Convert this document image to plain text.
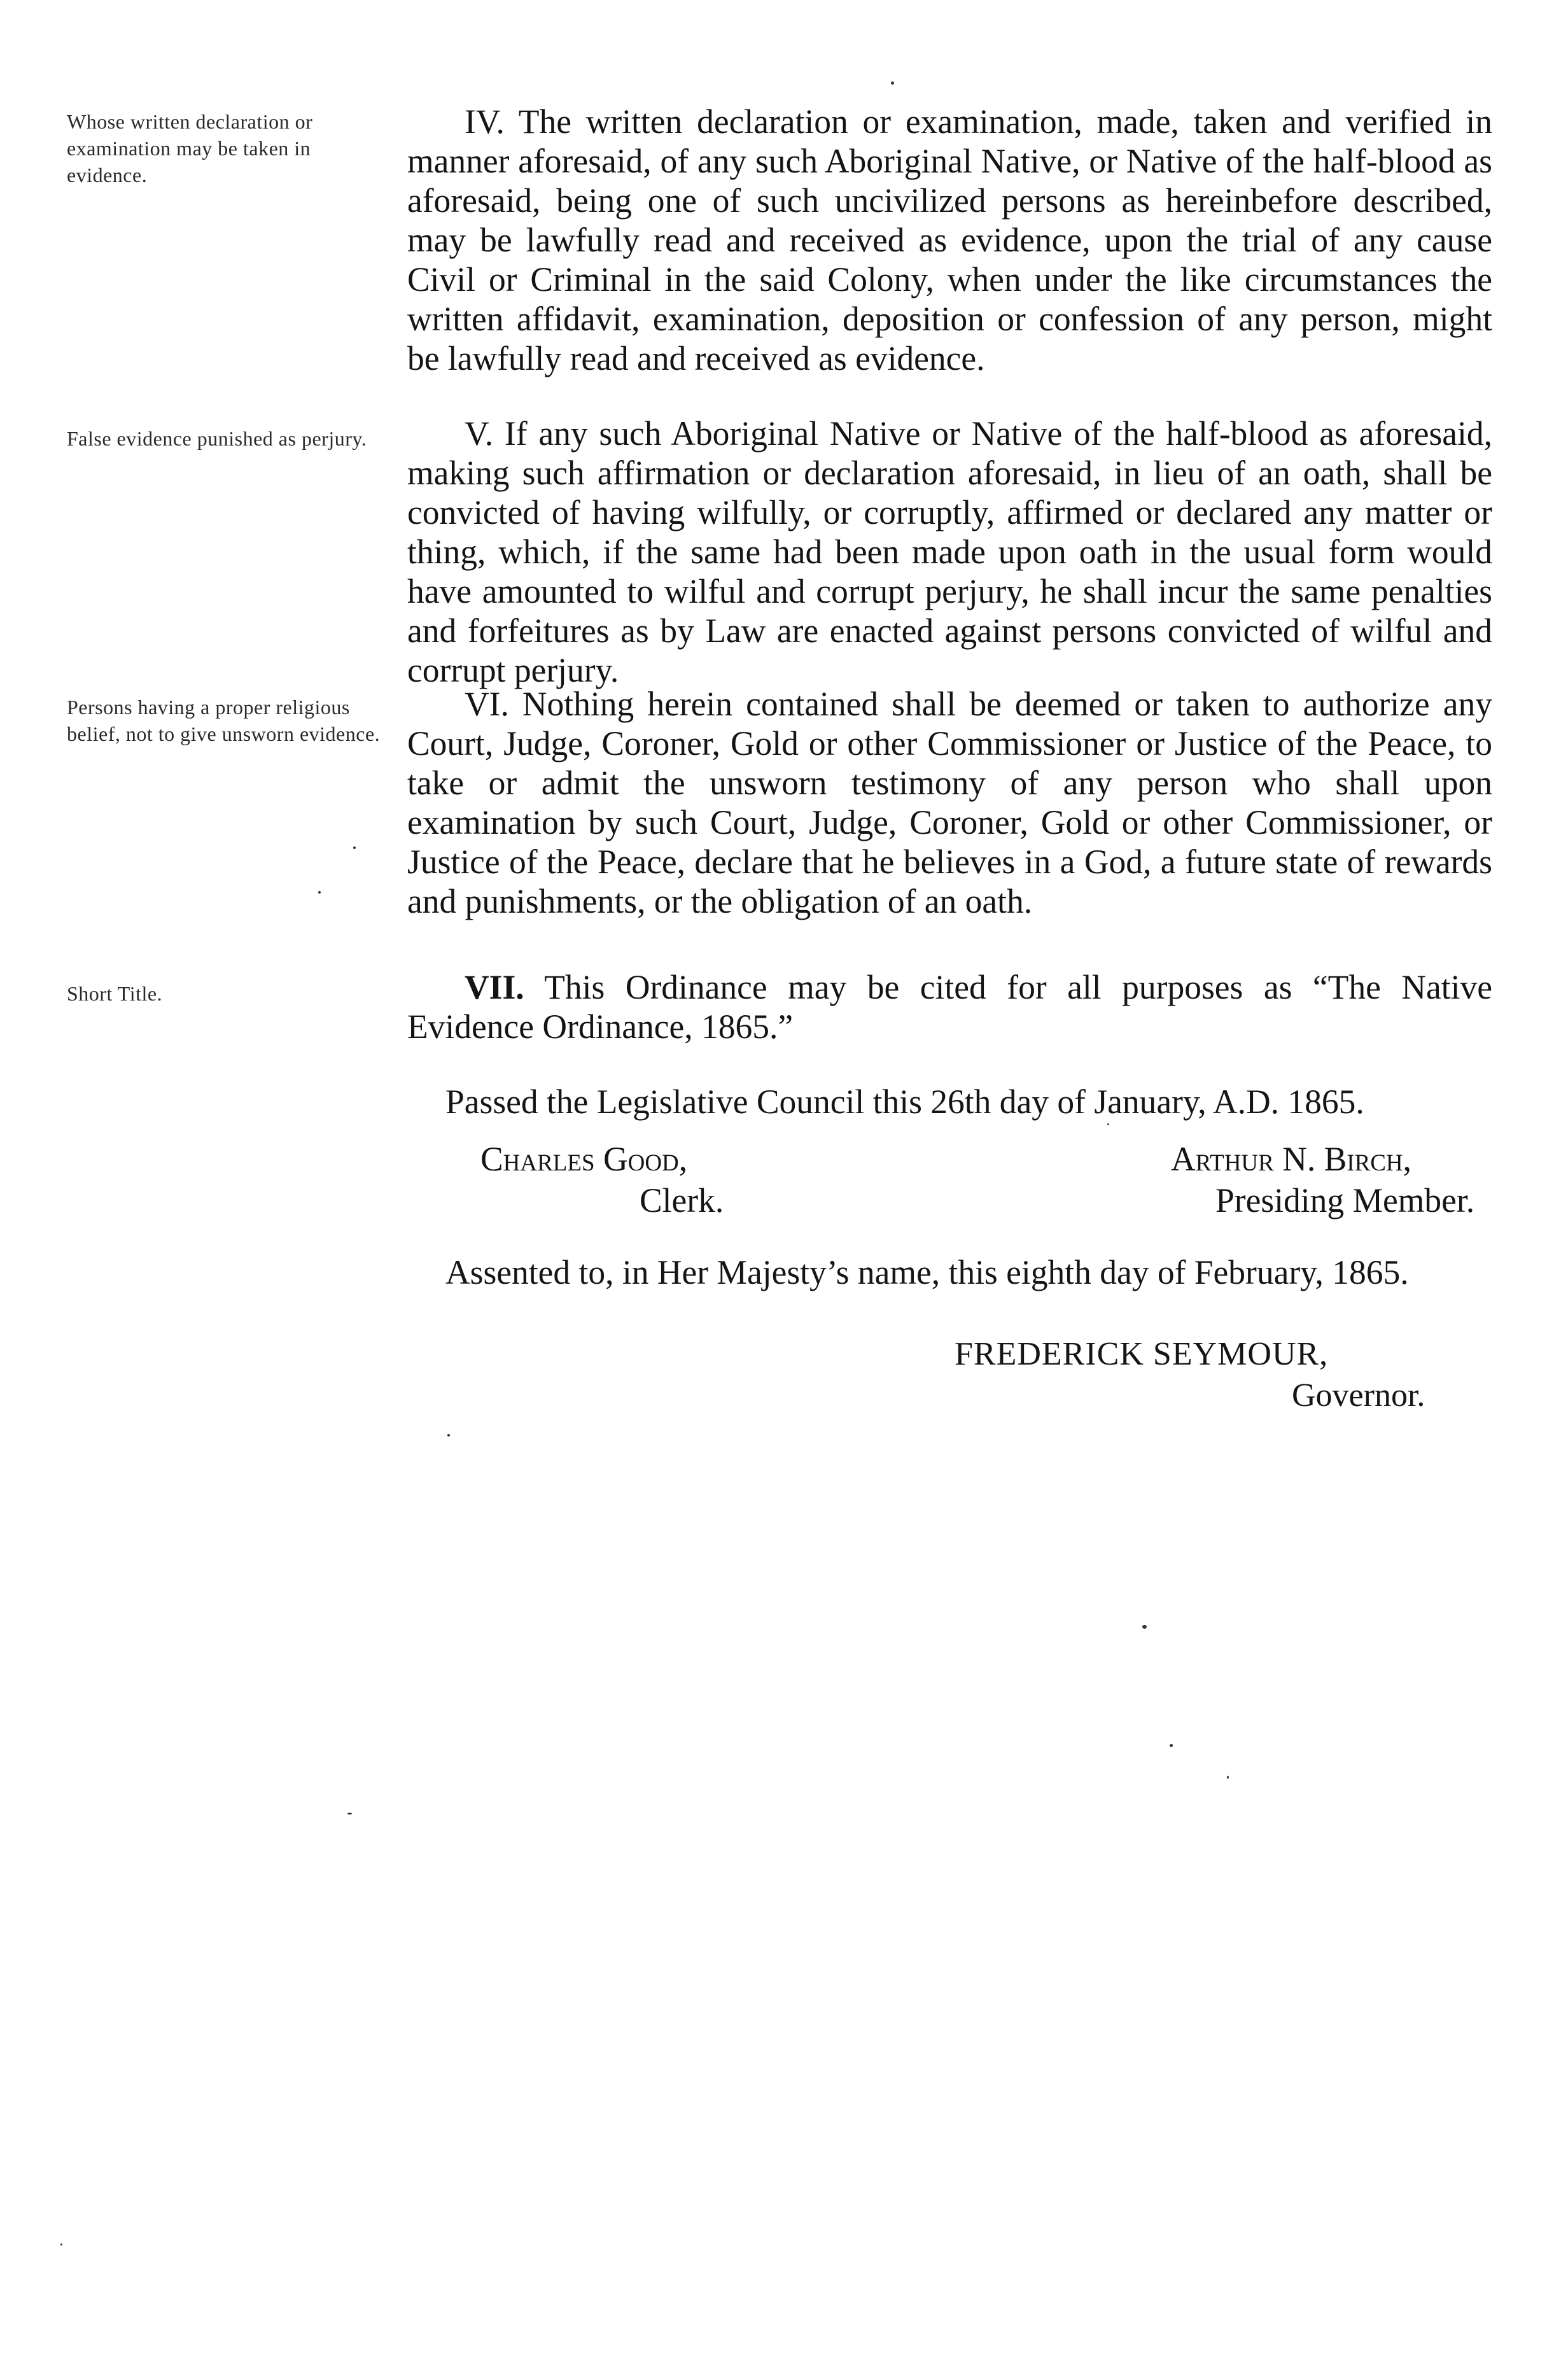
Whose written declaration or examination may be taken in evidence.
False evidence punished as perjury.
Persons having a proper religious belief, not to give unsworn evidence.
Short Title.
IV. The written declaration or examination, made, taken and verified in manner aforesaid, of any such Aboriginal Native, or Native of the half-blood as aforesaid, being one of such uncivilized persons as hereinbefore described, may be lawfully read and received as evidence, upon the trial of any cause Civil or Criminal in the said Colony, when under the like circumstances the written affidavit, examination, deposition or confession of any person, might be lawfully read and received as evidence.
V. If any such Aboriginal Native or Native of the half-blood as aforesaid, making such affirmation or declaration aforesaid, in lieu of an oath, shall be convicted of having wilfully, or corruptly, affirmed or declared any matter or thing, which, if the same had been made upon oath in the usual form would have amounted to wilful and corrupt perjury, he shall incur the same penalties and forfeitures as by Law are enacted against persons convicted of wilful and corrupt perjury.
VI. Nothing herein contained shall be deemed or taken to authorize any Court, Judge, Coroner, Gold or other Commissioner or Justice of the Peace, to take or admit the unsworn testimony of any person who shall upon examination by such Court, Judge, Coroner, Gold or other Commissioner, or Justice of the Peace, declare that he believes in a God, a future state of rewards and punishments, or the obligation of an oath.
VII. This Ordinance may be cited for all purposes as “The Native Evidence Ordinance, 1865.”
Passed the Legislative Council this 26th day of January, A.D. 1865.
Charles Good,
Clerk.
Arthur N. Birch,
Presiding Member.
Assented to, in Her Majesty’s name, this eighth day of February, 1865.
FREDERICK SEYMOUR,
Governor.
